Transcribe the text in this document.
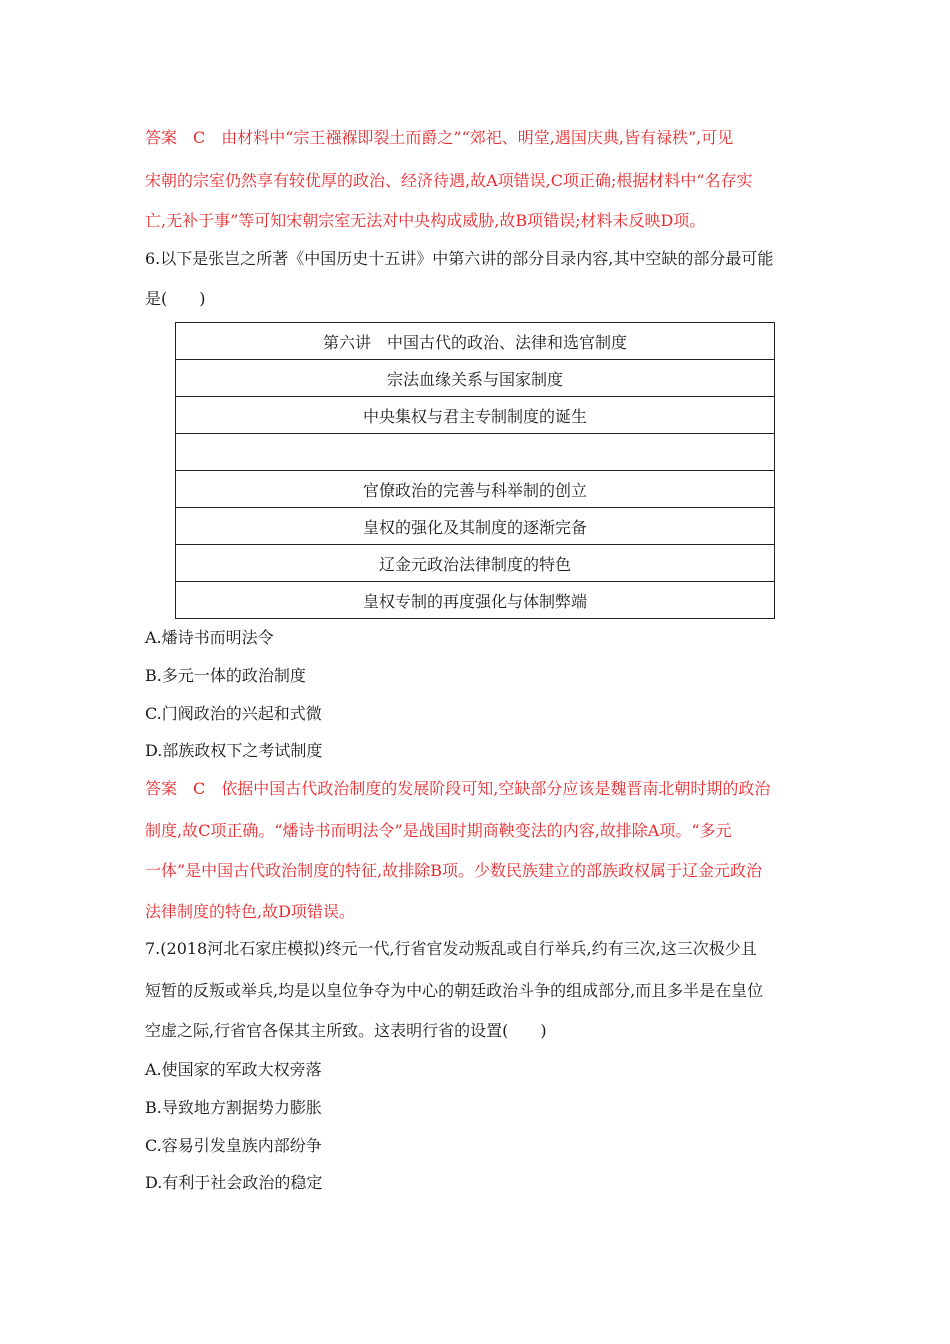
答案　C　由材料中“宗王襁褓即裂土而爵之”“郊祀、明堂,遇国庆典,皆有禄秩”,可见
宋朝的宗室仍然享有较优厚的政治、经济待遇,故A项错误,C项正确;根据材料中“名存实
亡,无补于事”等可知宋朝宗室无法对中央构成威胁,故B项错误;材料未反映D项。
6.以下是张岂之所著《中国历史十五讲》中第六讲的部分目录内容,其中空缺的部分最可能
是(　　)
第六讲　中国古代的政治、法律和选官制度
宗法血缘关系与国家制度
中央集权与君主专制制度的诞生

官僚政治的完善与科举制的创立
皇权的强化及其制度的逐渐完备
辽金元政治法律制度的特色
皇权专制的再度强化与体制弊端
A.燔诗书而明法令
B.多元一体的政治制度
C.门阀政治的兴起和式微
D.部族政权下之考试制度
答案　C　依据中国古代政治制度的发展阶段可知,空缺部分应该是魏晋南北朝时期的政治
制度,故C项正确。“燔诗书而明法令”是战国时期商鞅变法的内容,故排除A项。“多元
一体”是中国古代政治制度的特征,故排除B项。少数民族建立的部族政权属于辽金元政治
法律制度的特色,故D项错误。
7.(2018河北石家庄模拟)终元一代,行省官发动叛乱或自行举兵,约有三次,这三次极少且
短暂的反叛或举兵,均是以皇位争夺为中心的朝廷政治斗争的组成部分,而且多半是在皇位
空虚之际,行省官各保其主所致。这表明行省的设置(　　)
A.使国家的军政大权旁落
B.导致地方割据势力膨胀
C.容易引发皇族内部纷争
D.有利于社会政治的稳定
